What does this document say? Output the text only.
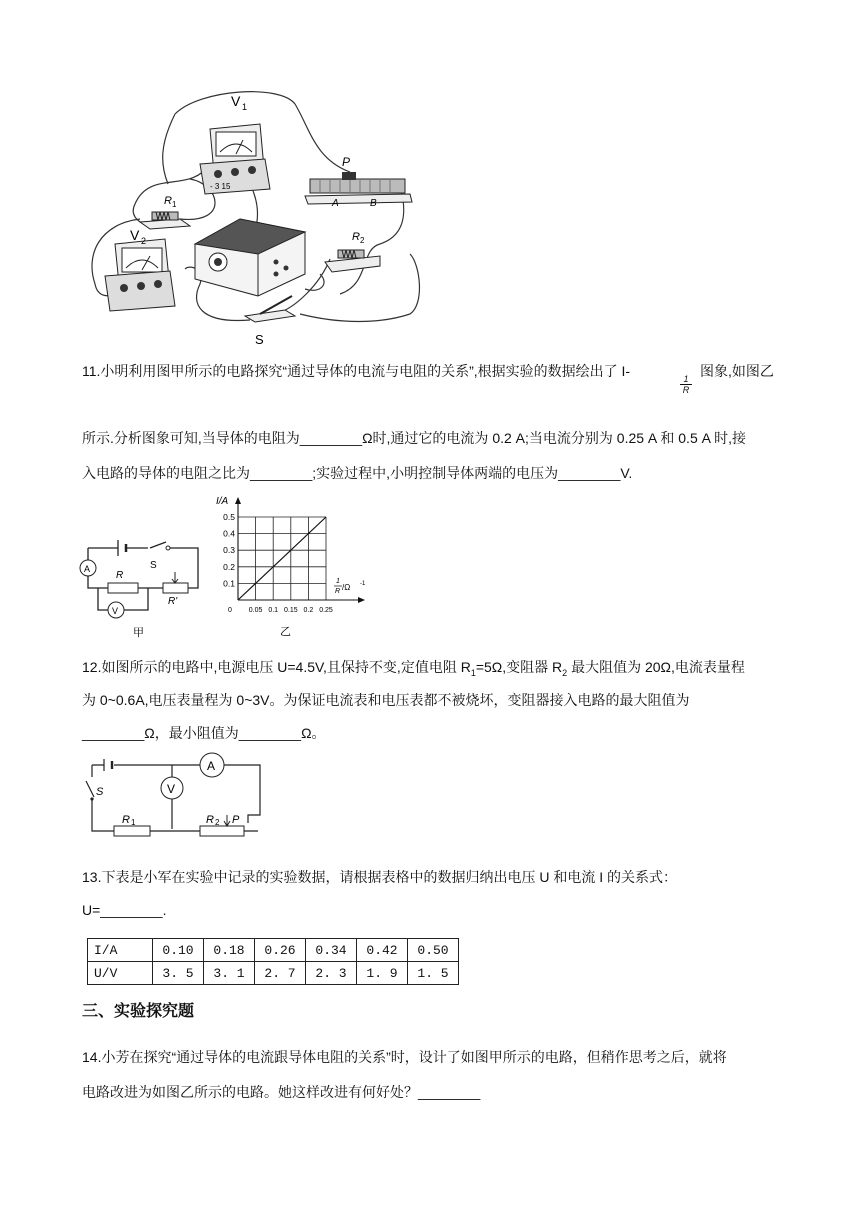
V 1
- 3 15
R 1
V 2
S
P
A	B
R 2
11.小明利用图甲所示的电路探究“通过导体的电流与电阻的关系”,根据实验的数据绘出了 I-
$\frac{1}{R}$
图象,如图乙
所示.分析图象可知,当导体的电阻为________Ω时,通过它的电流为 0.2 A;当电流分别为 0.25 A 和 0.5 A 时,接
入电路的导体的电阻之比为________;实验过程中,小明控制导体两端的电压为________V.
S
A
R
R'
V
甲
0.5
0.4
0.3
0.2
0.1
0 0.05 0.1 0.15 0.2 0.25
I/A
1
R /Ω -1
乙
12.如图所示的电路中,电源电压 U=4.5V,且保持不变,定值电阻 $R_1=5\Omega$,变阻器 $R_2$ 最大阻值为 20Ω,电流表量程
为 0~0.6A,电压表量程为 0~3V。为保证电流表和电压表都不被烧坏，变阻器接入电路的最大阻值为
________Ω，最小阻值为________Ω。
A
V
S
R 1	R 2 P
13.下表是小军在实验中记录的实验数据，请根据表格中的数据归纳出电压 U 和电流 I 的关系式：
U=________.
I/A	0.10	0.18	0.26	0.34	0.42	0.50
U/V	3. 5	3. 1	2. 7	2. 3	1. 9	1. 5
三、实验探究题
14.小芳在探究“通过导体的电流跟导体电阻的关系”时，设计了如图甲所示的电路，但稍作思考之后，就将
电路改进为如图乙所示的电路。她这样改进有何好处？________
